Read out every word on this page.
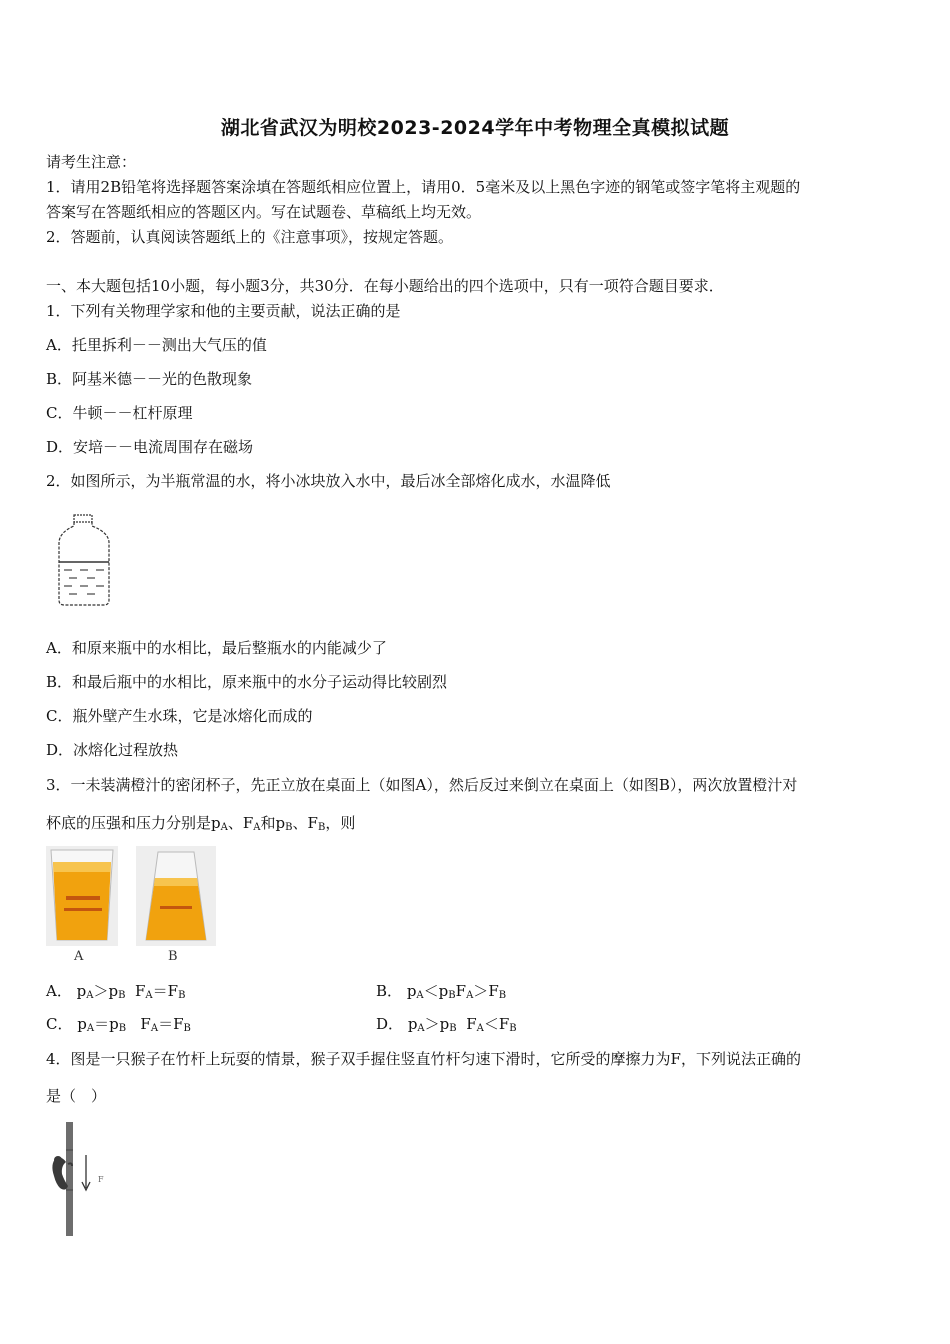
湖北省武汉为明校2023-2024学年中考物理全真模拟试题
请考生注意：
1．请用2B铅笔将选择题答案涂填在答题纸相应位置上，请用0．5毫米及以上黑色字迹的钢笔或签字笔将主观题的
答案写在答题纸相应的答题区内。写在试题卷、草稿纸上均无效。
2．答题前，认真阅读答题纸上的《注意事项》，按规定答题。
一、本大题包括10小题，每小题3分，共30分．在每小题给出的四个选项中，只有一项符合题目要求．
1．下列有关物理学家和他的主要贡献，说法正确的是
A．托里拆利－－测出大气压的值
B．阿基米德－－光的色散现象
C．牛顿－－杠杆原理
D．安培－－电流周围存在磁场
2．如图所示，为半瓶常温的水，将小冰块放入水中，最后冰全部熔化成水，水温降低
A．和原来瓶中的水相比，最后整瓶水的内能减少了
B．和最后瓶中的水相比，原来瓶中的水分子运动得比较剧烈
C．瓶外壁产生水珠，它是冰熔化而成的
D．冰熔化过程放热
3．一未装满橙汁的密闭杯子，先正立放在桌面上（如图A），然后反过来倒立在桌面上（如图B），两次放置橙汁对
杯底的压强和压力分别是$p_A$、$F_A$和$p_B$、$F_B$，则
A	B
A． $p_A>p_B$ $F_A=F_B$	B． $p_A<p_BF_A>F_B$
C． $p_A=p_B$ $F_A=F_B$	D． $p_A>p_B$ $F_A<F_B$
4．图是一只猴子在竹杆上玩耍的情景，猴子双手握住竖直竹杆匀速下滑时，它所受的摩擦力为F，下列说法正确的
是（　）
F
